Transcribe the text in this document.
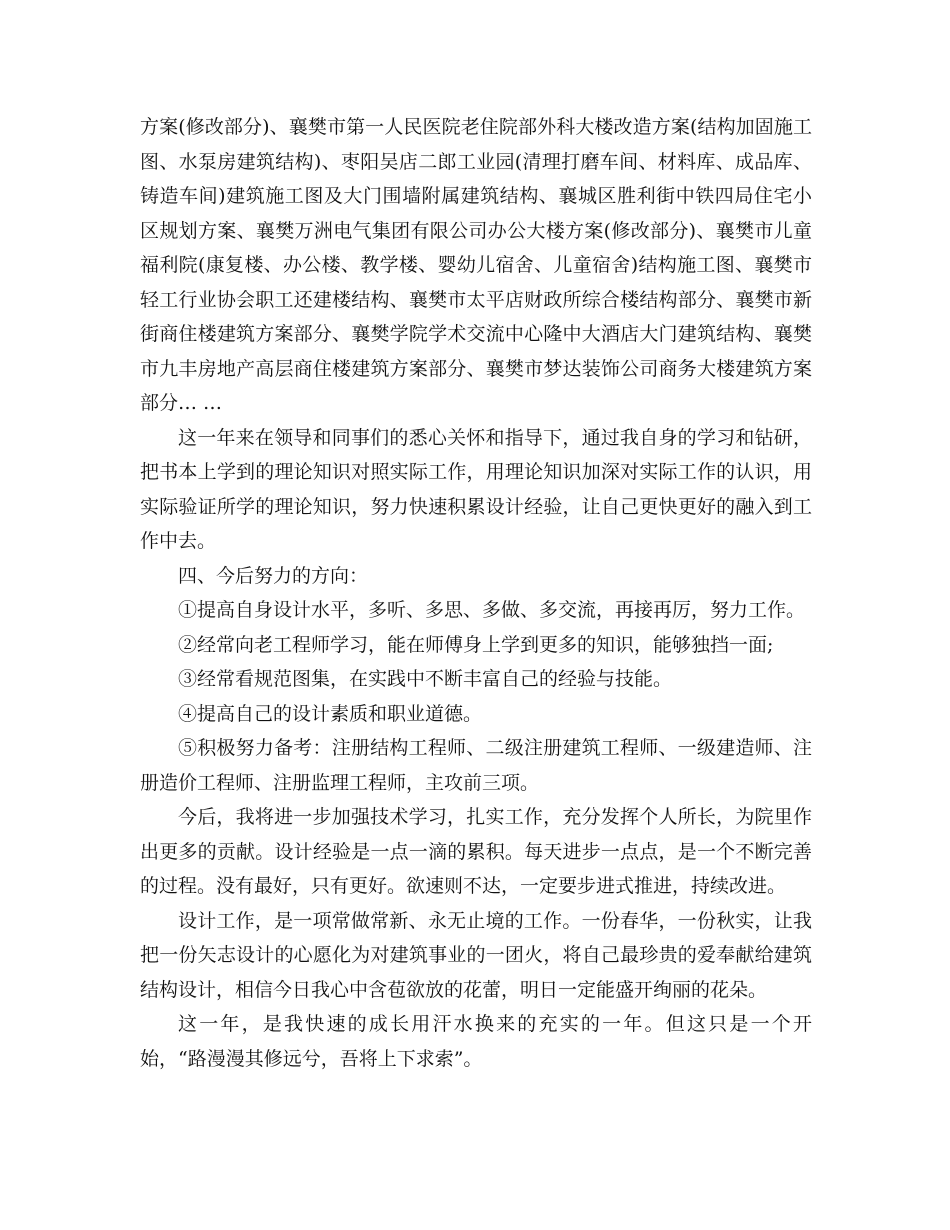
方案(修改部分)、襄樊市第一人民医院老住院部外科大楼改造方案(结构加固施工图、水泵房建筑结构)、枣阳吴店二郎工业园(清理打磨车间、材料库、成品库、铸造车间)建筑施工图及大门围墙附属建筑结构、襄城区胜利街中铁四局住宅小区规划方案、襄樊万洲电气集团有限公司办公大楼方案(修改部分)、襄樊市儿童福利院(康复楼、办公楼、教学楼、婴幼儿宿舍、儿童宿舍)结构施工图、襄樊市轻工行业协会职工还建楼结构、襄樊市太平店财政所综合楼结构部分、襄樊市新街商住楼建筑方案部分、襄樊学院学术交流中心隆中大酒店大门建筑结构、襄樊市九丰房地产高层商住楼建筑方案部分、襄樊市梦达装饰公司商务大楼建筑方案部分… …

这一年来在领导和同事们的悉心关怀和指导下，通过我自身的学习和钻研，把书本上学到的理论知识对照实际工作，用理论知识加深对实际工作的认识，用实际验证所学的理论知识，努力快速积累设计经验，让自己更快更好的融入到工作中去。

四、今后努力的方向：

①提高自身设计水平，多听、多思、多做、多交流，再接再厉，努力工作。

②经常向老工程师学习，能在师傅身上学到更多的知识，能够独挡一面;

③经常看规范图集，在实践中不断丰富自己的经验与技能。

④提高自己的设计素质和职业道德。

⑤积极努力备考：注册结构工程师、二级注册建筑工程师、一级建造师、注册造价工程师、注册监理工程师，主攻前三项。

今后，我将进一步加强技术学习，扎实工作，充分发挥个人所长，为院里作出更多的贡献。设计经验是一点一滴的累积。每天进步一点点，是一个不断完善的过程。没有最好，只有更好。欲速则不达，一定要步进式推进，持续改进。

设计工作，是一项常做常新、永无止境的工作。一份春华，一份秋实，让我把一份矢志设计的心愿化为对建筑事业的一团火，将自己最珍贵的爱奉献给建筑结构设计，相信今日我心中含苞欲放的花蕾，明日一定能盛开绚丽的花朵。

这一年，是我快速的成长用汗水换来的充实的一年。但这只是一个开始，“路漫漫其修远兮，吾将上下求索”。
